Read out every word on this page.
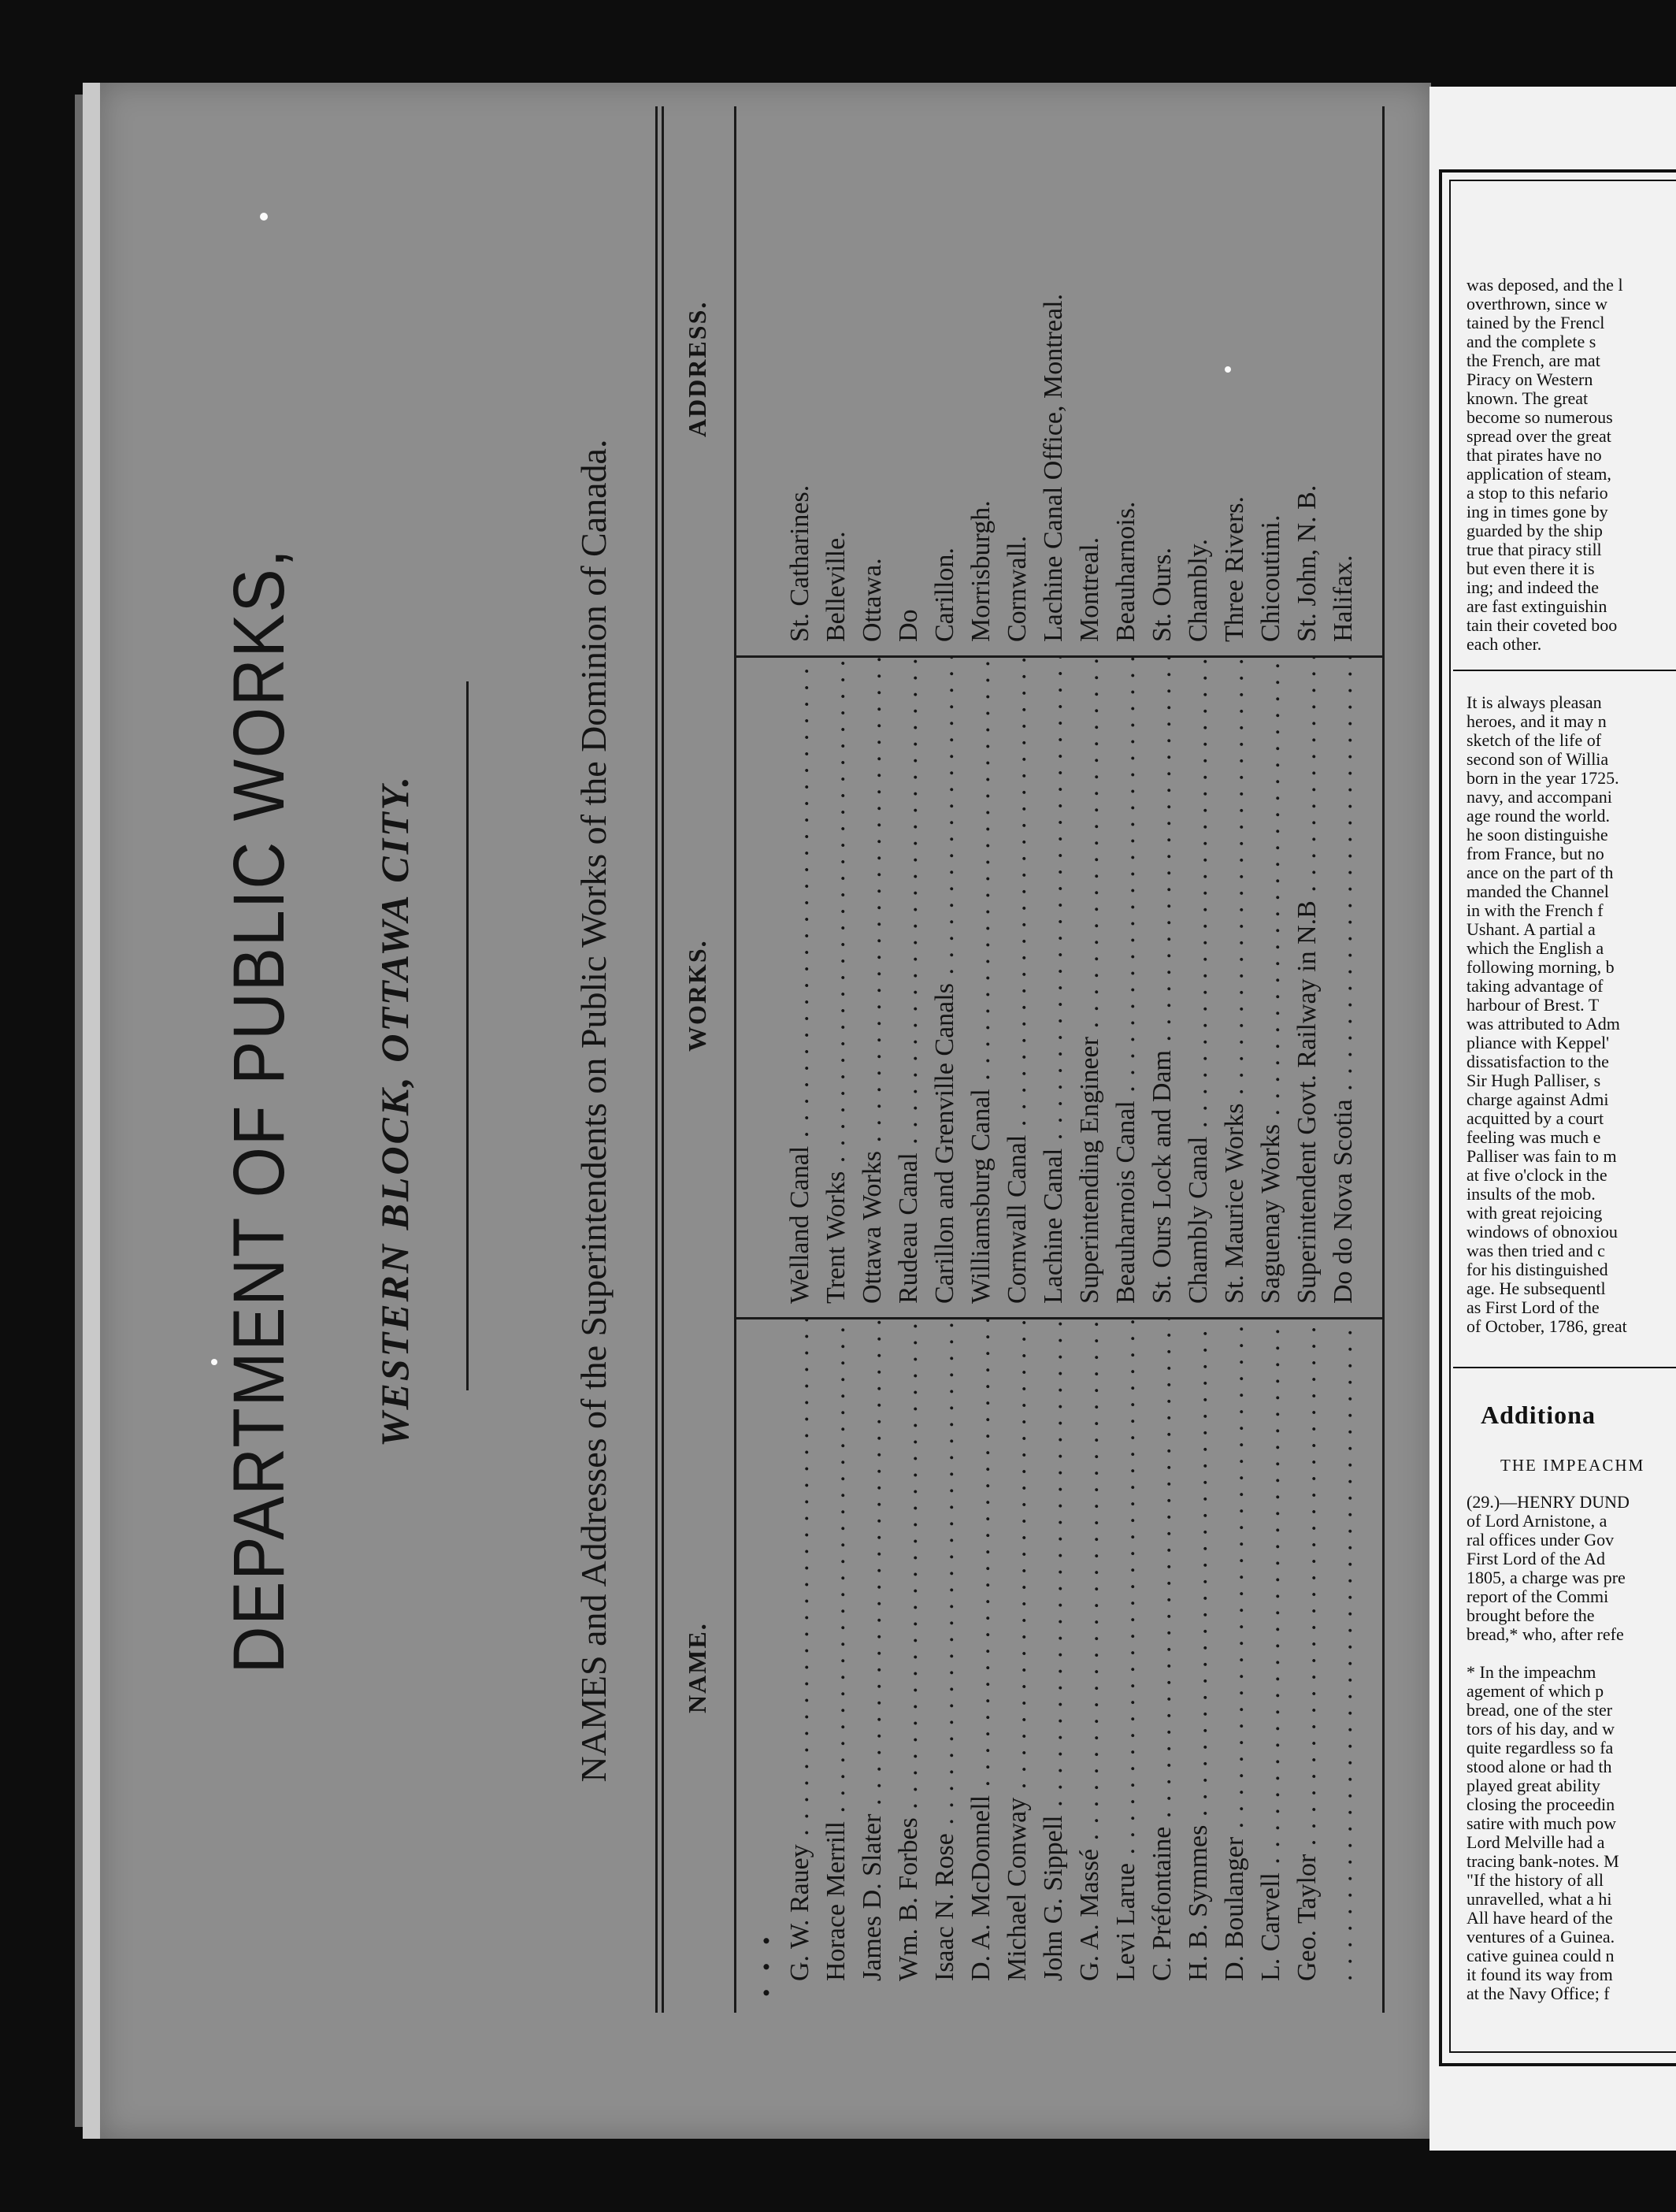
DEPARTMENT OF PUBLIC WORKS, WESTERN BLOCK, OTTAWA CITY.	NAMES and Addresses of the Superintendents on Public Works of the Dominion of Canada.	NAME.
WORKS.
ADDRESS.
•   •   • G. W. Rauey . . .
Welland Canal . . .
St. Catharines.
Horace Merrill . . .
Trent Works . . .
Belleville.
James D. Slater . . .
Ottawa Works . . .
Ottawa.
Wm. B. Forbes . . .
Rudeau Canal . . .
Do
Isaac N. Rose . . .
Carillon and Grenville Canals . . .
Carillon.
D. A. McDonnell . . .
Williamsburg Canal . . .
Morrisburgh.
Michael Conway . . .
Cornwall Canal . . .
Cornwall.
John G. Sippell . . .
Lachine Canal . . .
Lachine Canal Office, Montreal.
G. A. Massé . . .
Superintending Engineer . . .
Montreal.
Levi Larue . . .
Beauharnois Canal . . .
Beauharnois.
C. Préfontaine . . .
St. Ours Lock and Dam . . .
St. Ours.
H. B. Symmes . . .
Chambly Canal . . .
Chambly.
D. Boulanger . . .
St. Maurice Works . . .
Three Rivers.
L. Carvell . . .
Saguenay Works . . .
Chicoutimi.
Geo. Taylor . . .
Superintendent Govt. Railway in N.B . . .
St. John, N. B.
. . .
Do do Nova Scotia . . .
Halifax.

was deposed, and the l

overthrown, since w

tained by the Frencl

and the complete s

the French, are mat

Piracy on Western

known. The great

become so numerous

spread over the great

that pirates have no

application of steam,

a stop to this nefario

ing in times gone by

guarded by the ship

true that piracy still

but even there it is

ing; and indeed the

are fast extinguishin

tain their coveted boo

each other.

It is always pleasan

heroes, and it may n

sketch of the life of

second son of Willia

born in the year 1725.

navy, and accompani

age round the world.

he soon distinguishe

from France, but no

ance on the part of th

manded the Channel

in with the French f

Ushant. A partial a

which the English a

following morning, b

taking advantage of

harbour of Brest. T

was attributed to Adm

pliance with Keppel'

dissatisfaction to the

Sir Hugh Palliser, s

charge against Admi

acquitted by a court

feeling was much e

Palliser was fain to m

at five o'clock in the

insults of the mob.

with great rejoicing

windows of obnoxiou

was then tried and c

for his distinguished

age. He subsequentl

as First Lord of the

of October, 1786, great

Additiona
THE IMPEACHM

(29.)—HENRY DUND

of Lord Arnistone, a

ral offices under Gov

First Lord of the Ad

1805, a charge was pre

report of the Commi

brought before the

bread,* who, after refe

* In the impeachm

agement of which p

bread, one of the ster

tors of his day, and w

quite regardless so fa

stood alone or had th

played great ability

closing the proceedin

satire with much pow

Lord Melville had a

tracing bank-notes. M

"If the history of all

unravelled, what a hi

All have heard of the

ventures of a Guinea.

cative guinea could n

it found its way from

at the Navy Office; f
